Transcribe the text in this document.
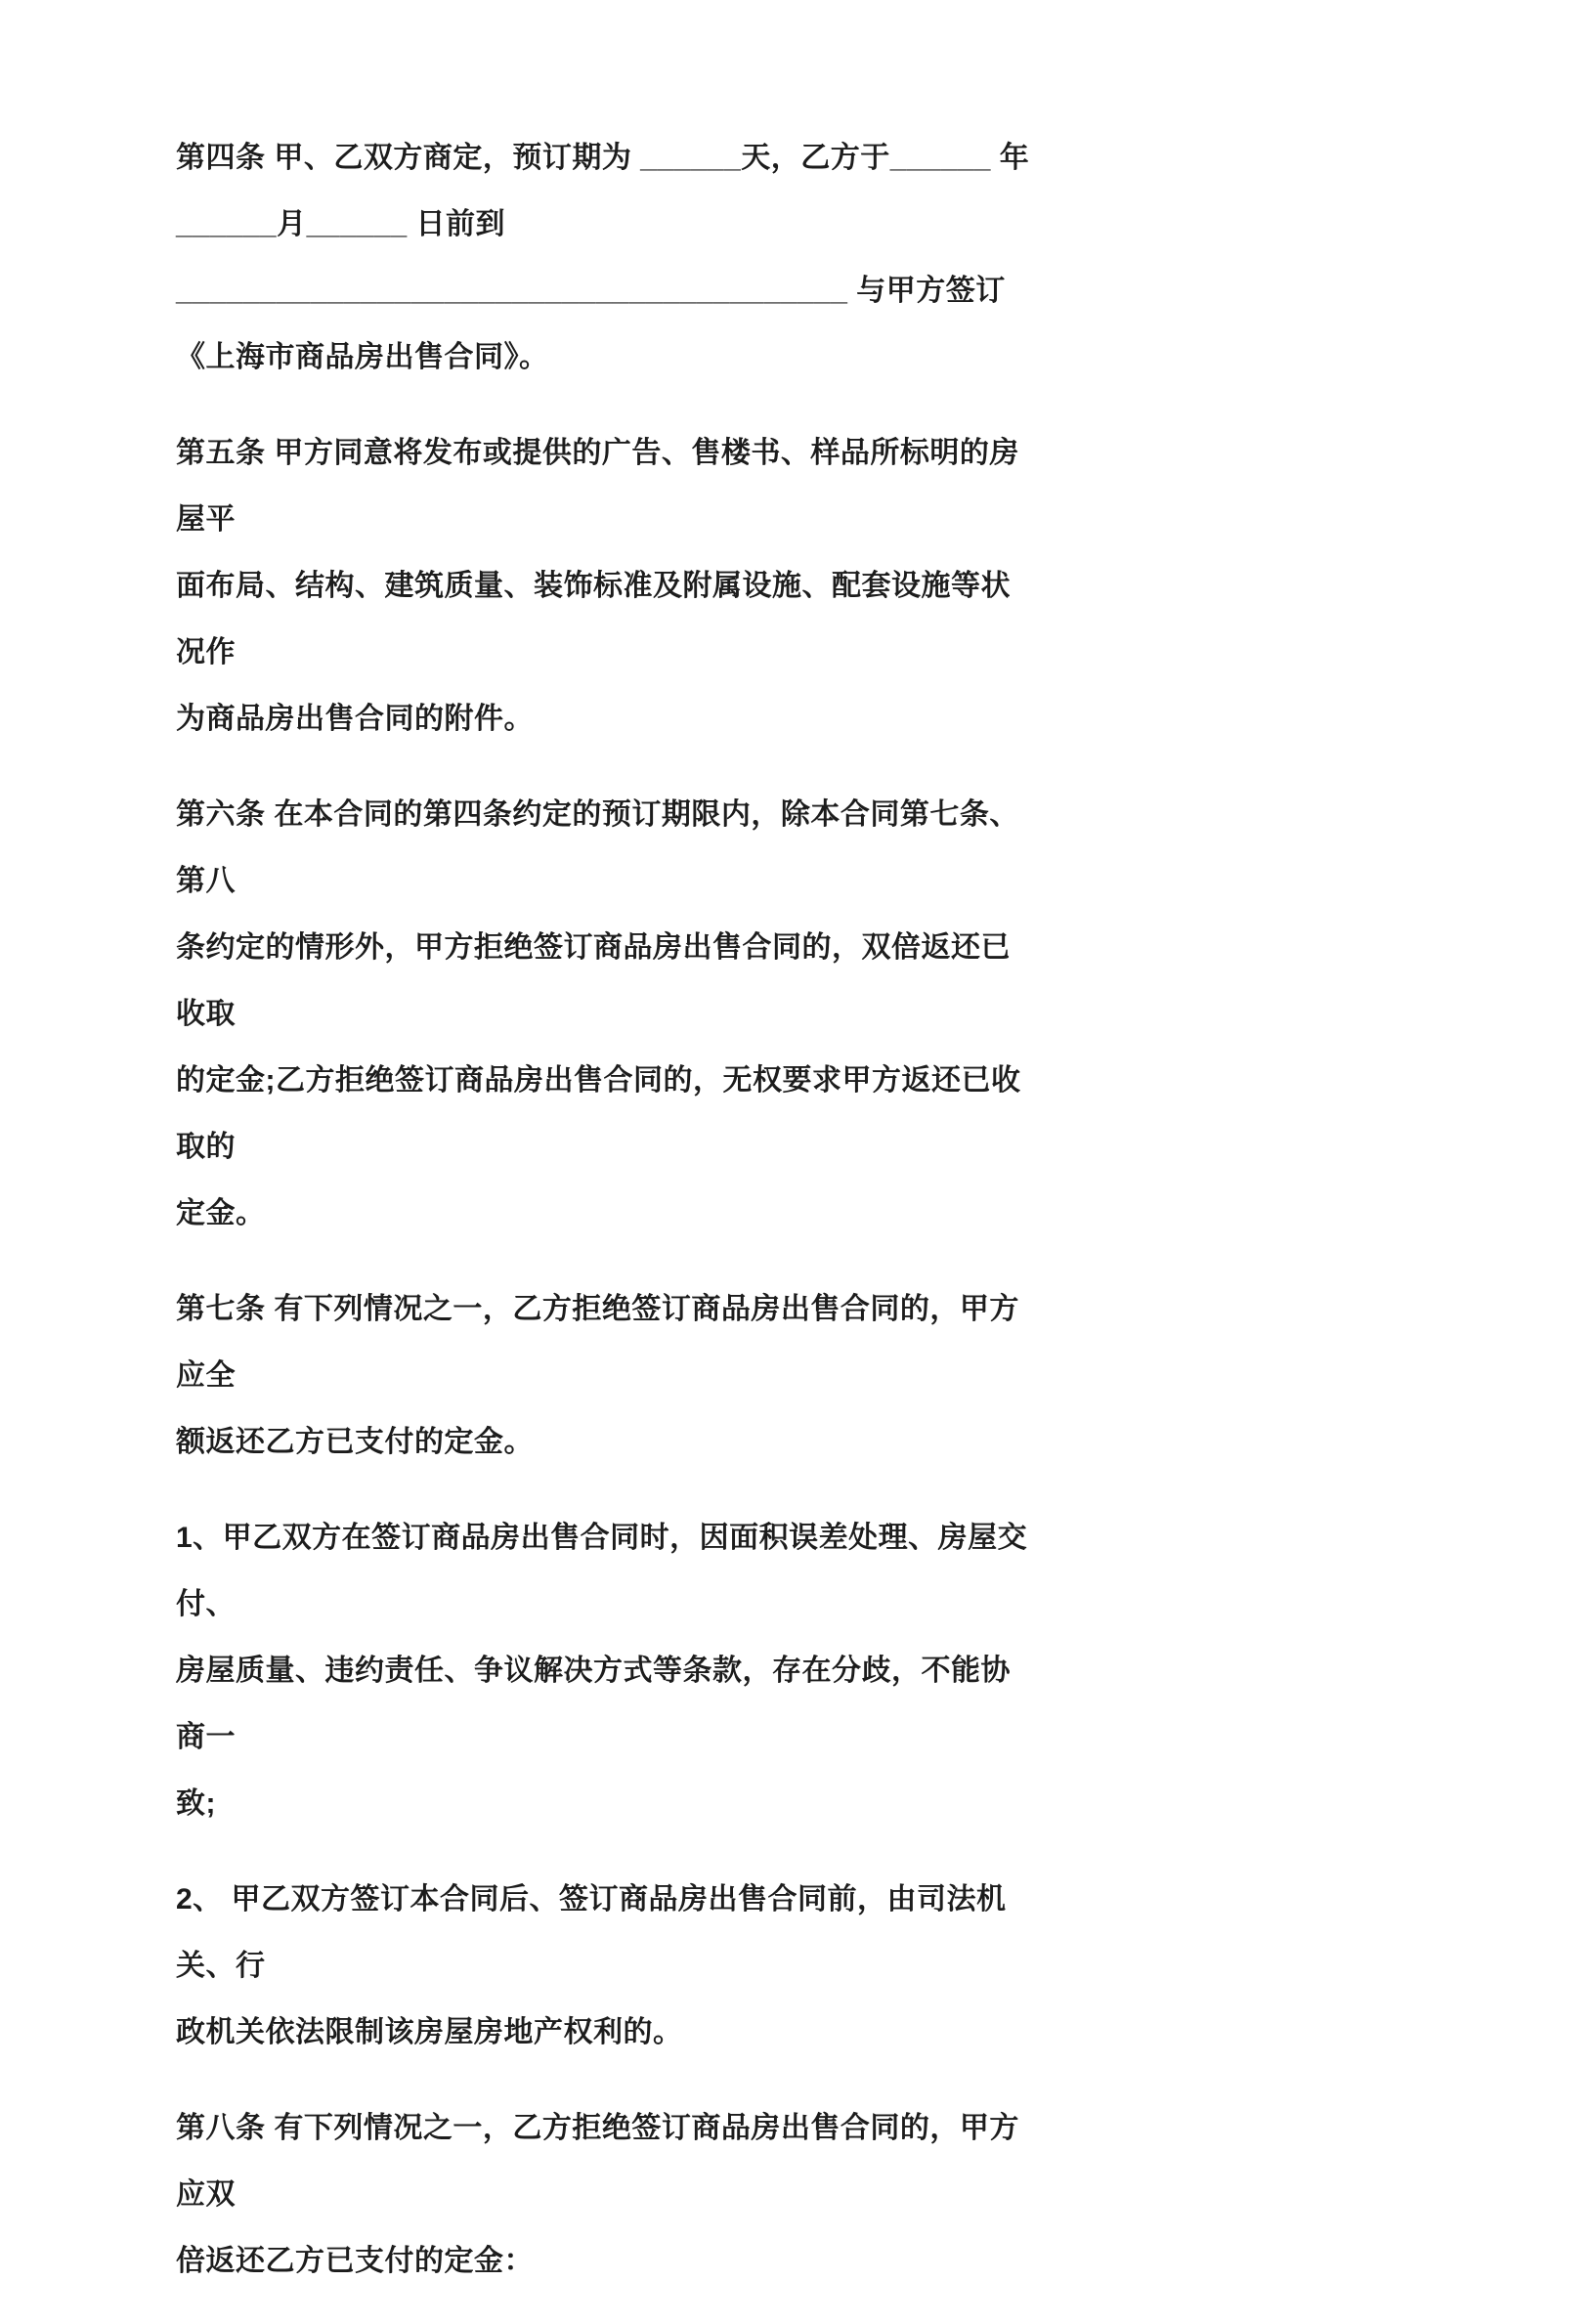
第四条 甲、乙双方商定，预订期为 ______天，乙方于______ 年
______月______ 日前到
________________________________________ 与甲方签订
《上海市商品房出售合同》。
第五条 甲方同意将发布或提供的广告、售楼书、样品所标明的房屋平
面布局、结构、建筑质量、装饰标准及附属设施、配套设施等状况作
为商品房出售合同的附件。
第六条 在本合同的第四条约定的预订期限内，除本合同第七条、第八
条约定的情形外，甲方拒绝签订商品房出售合同的，双倍返还已收取
的定金;乙方拒绝签订商品房出售合同的，无权要求甲方返还已收取的
定金。
第七条 有下列情况之一，乙方拒绝签订商品房出售合同的，甲方应全
额返还乙方已支付的定金。
1、甲乙双方在签订商品房出售合同时，因面积误差处理、房屋交付、
房屋质量、违约责任、争议解决方式等条款，存在分歧，不能协商一
致;
2、 甲乙双方签订本合同后、签订商品房出售合同前，由司法机关、行
政机关依法限制该房屋房地产权利的。
第八条 有下列情况之一，乙方拒绝签订商品房出售合同的，甲方应双
倍返还乙方已支付的定金：
